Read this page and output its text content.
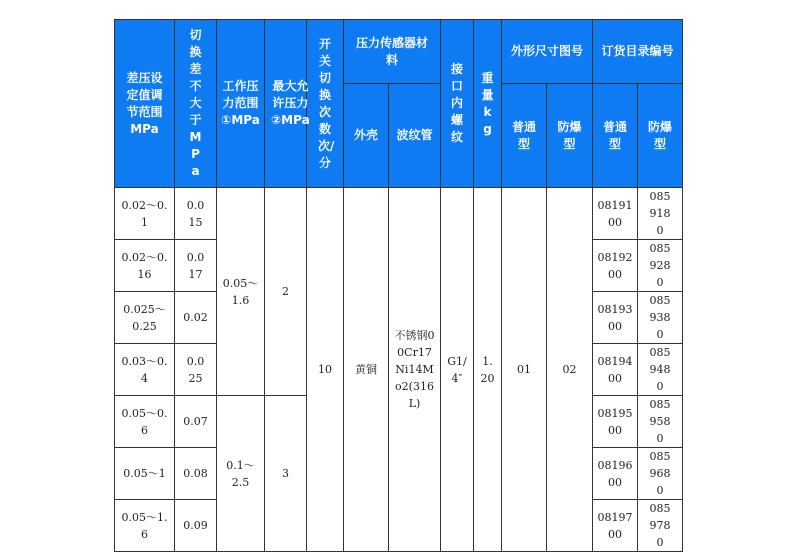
差压设定值调节范围MPa	切换差不大于MPa	工作压力范围①MPa	最大允许压力②MPa	开关切换次数次/分	压力传感器材料		接口内螺纹	重量kg	外形尺寸图号		订货目录编号	
					外壳	波纹管			普通型	防爆型	普通型	防爆型
0.02～0.1	0.015	0.05～1.6	2	10	黄铜	不锈钢00Cr17Ni14Mo2(316L)	G1/4″	1.20	01	02	0819100	0859180
0.02～0.16	0.017										0819200	0859280
0.025～0.25	0.02										0819300	0859380
0.03～0.4	0.025										0819400	0859480
0.05～0.6	0.07	0.1～2.5	3								0819500	0859580
0.05～1	0.08										0819600	0859680
0.05～1.6	0.09										0819700	0859780
